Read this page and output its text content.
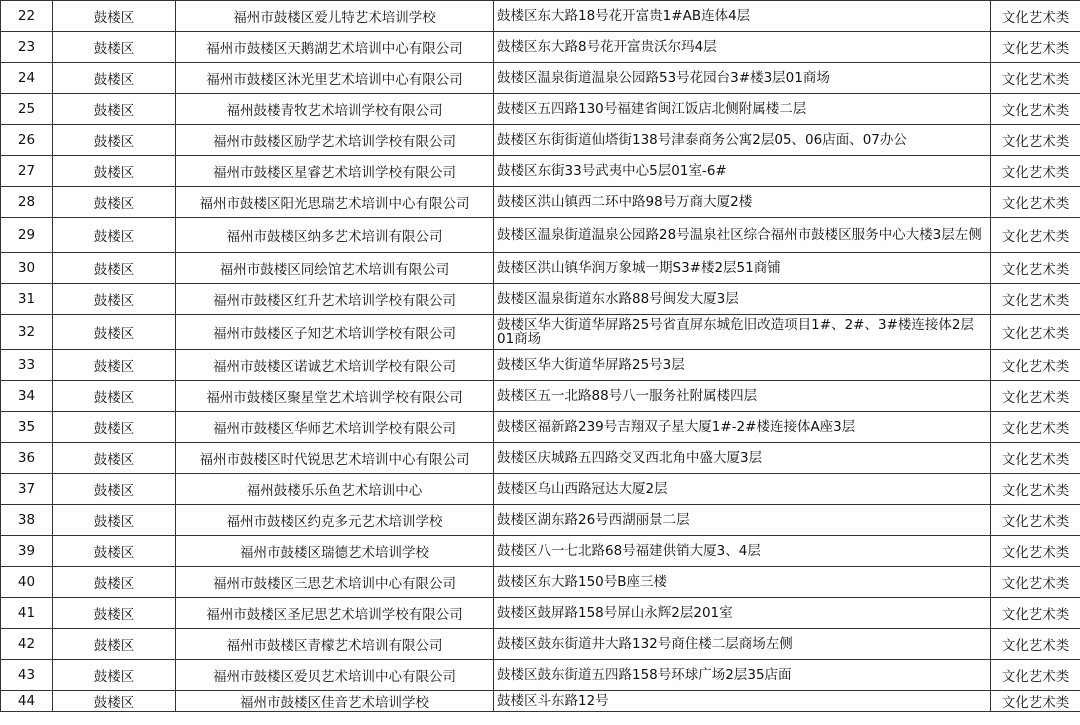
22	鼓楼区	福州市鼓楼区爱儿特艺术培训学校	鼓楼区东大路18号花开富贵1#AB连体4层	文化艺术类
23	鼓楼区	福州市鼓楼区天鹅湖艺术培训中心有限公司	鼓楼区东大路8号花开富贵沃尔玛4层	文化艺术类
24	鼓楼区	福州市鼓楼区沐光里艺术培训中心有限公司	鼓楼区温泉街道温泉公园路53号花园台3#楼3层01商场	文化艺术类
25	鼓楼区	福州鼓楼青牧艺术培训学校有限公司	鼓楼区五四路130号福建省闽江饭店北侧附属楼二层	文化艺术类
26	鼓楼区	福州市鼓楼区励学艺术培训学校有限公司	鼓楼区东街街道仙塔街138号津泰商务公寓2层05、06店面、07办公	文化艺术类
27	鼓楼区	福州市鼓楼区星睿艺术培训学校有限公司	鼓楼区东街33号武夷中心5层01室-6#	文化艺术类
28	鼓楼区	福州市鼓楼区阳光思瑞艺术培训中心有限公司	鼓楼区洪山镇西二环中路98号万商大厦2楼	文化艺术类
29	鼓楼区	福州市鼓楼区纳多艺术培训有限公司	鼓楼区温泉街道温泉公园路28号温泉社区综合福州市鼓楼区服务中心大楼3层左侧	文化艺术类
30	鼓楼区	福州市鼓楼区同绘馆艺术培训有限公司	鼓楼区洪山镇华润万象城一期S3#楼2层51商铺	文化艺术类
31	鼓楼区	福州市鼓楼区红升艺术培训学校有限公司	鼓楼区温泉街道东水路88号闽发大厦3层	文化艺术类
32	鼓楼区	福州市鼓楼区子知艺术培训学校有限公司	鼓楼区华大街道华屏路25号省直屏东城危旧改造项目1#、2#、3#楼连接体2层01商场	文化艺术类
33	鼓楼区	福州市鼓楼区诺诚艺术培训学校有限公司	鼓楼区华大街道华屏路25号3层	文化艺术类
34	鼓楼区	福州市鼓楼区聚星堂艺术培训学校有限公司	鼓楼区五一北路88号八一服务社附属楼四层	文化艺术类
35	鼓楼区	福州市鼓楼区华师艺术培训学校有限公司	鼓楼区福新路239号吉翔双子星大厦1#-2#楼连接体A座3层	文化艺术类
36	鼓楼区	福州市鼓楼区时代锐思艺术培训中心有限公司	鼓楼区庆城路五四路交叉西北角中盛大厦3层	文化艺术类
37	鼓楼区	福州鼓楼乐乐鱼艺术培训中心	鼓楼区乌山西路冠达大厦2层	文化艺术类
38	鼓楼区	福州市鼓楼区约克多元艺术培训学校	鼓楼区湖东路26号西湖丽景二层	文化艺术类
39	鼓楼区	福州市鼓楼区瑞德艺术培训学校	鼓楼区八一七北路68号福建供销大厦3、4层	文化艺术类
40	鼓楼区	福州市鼓楼区三思艺术培训中心有限公司	鼓楼区东大路150号B座三楼	文化艺术类
41	鼓楼区	福州市鼓楼区圣尼思艺术培训学校有限公司	鼓楼区鼓屏路158号屏山永辉2层201室	文化艺术类
42	鼓楼区	福州市鼓楼区青檬艺术培训有限公司	鼓楼区鼓东街道井大路132号商住楼二层商场左侧	文化艺术类
43	鼓楼区	福州市鼓楼区爱贝艺术培训中心有限公司	鼓楼区鼓东街道五四路158号环球广场2层35店面	文化艺术类
44	鼓楼区	福州市鼓楼区佳音艺术培训学校	鼓楼区斗东路12号	文化艺术类
